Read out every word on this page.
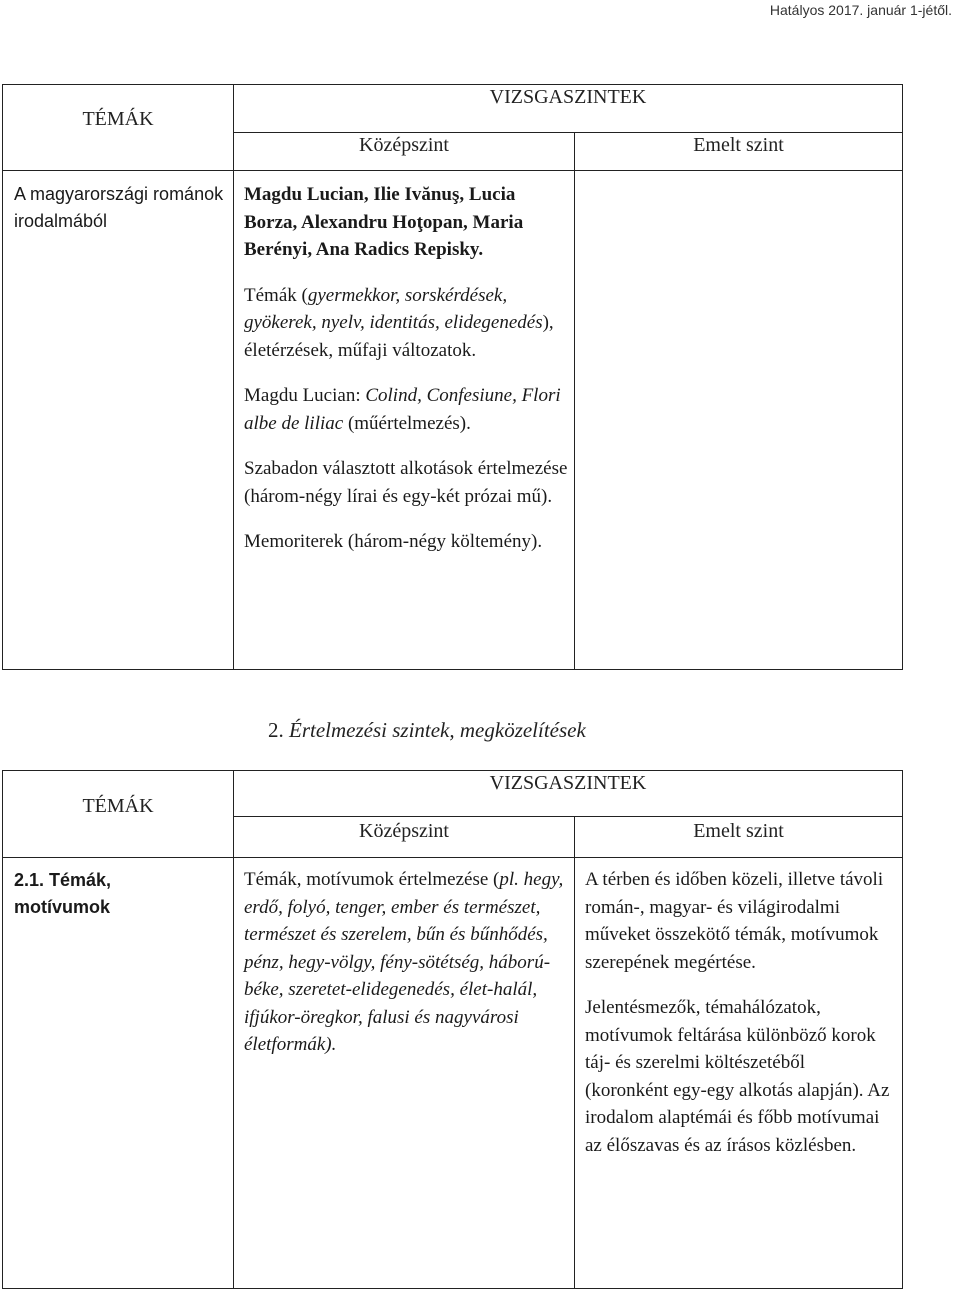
Hatályos 2017. január 1-jétől.
TÉMÁK
VIZSGASZINTEK
Középszint	Emelt szint
A magyarországi románok irodalmából
Magdu Lucian, Ilie Ivănuş, Lucia Borza, Alexandru Hoţopan, Maria Berényi, Ana Radics Repisky.
Témák (gyermekkor, sorskérdések, gyökerek, nyelv, identitás, elidegenedés), életérzések, műfaji változatok.
Magdu Lucian: Colind, Confesiune, Flori albe de liliac (műértelmezés).
Szabadon választott alkotások értelmezése (három-négy lírai és egy-két prózai mű).
Memoriterek (három-négy költemény).
2. Értelmezési szintek, megközelítések
TÉMÁK
VIZSGASZINTEK
Középszint	Emelt szint
2.1. Témák, motívumok
Témák, motívumok értelmezése (pl. hegy, erdő, folyó, tenger, ember és természet, természet és szerelem, bűn és bűnhődés, pénz, hegy-völgy, fény-sötétség, háború-béke, szeretet-elidegenedés, élet-halál, ifjúkor-öregkor, falusi és nagyvárosi életformák).
A térben és időben közeli, illetve távoli román-, magyar- és világirodalmi műveket összekötő témák, motívumok szerepének megértése.
Jelentésmezők, témahálózatok, motívumok feltárása különböző korok táj- és szerelmi költészetéből (koronként egy-egy alkotás alapján). Az irodalom alaptémái és főbb motívumai az élőszavas és az írásos közlésben.
